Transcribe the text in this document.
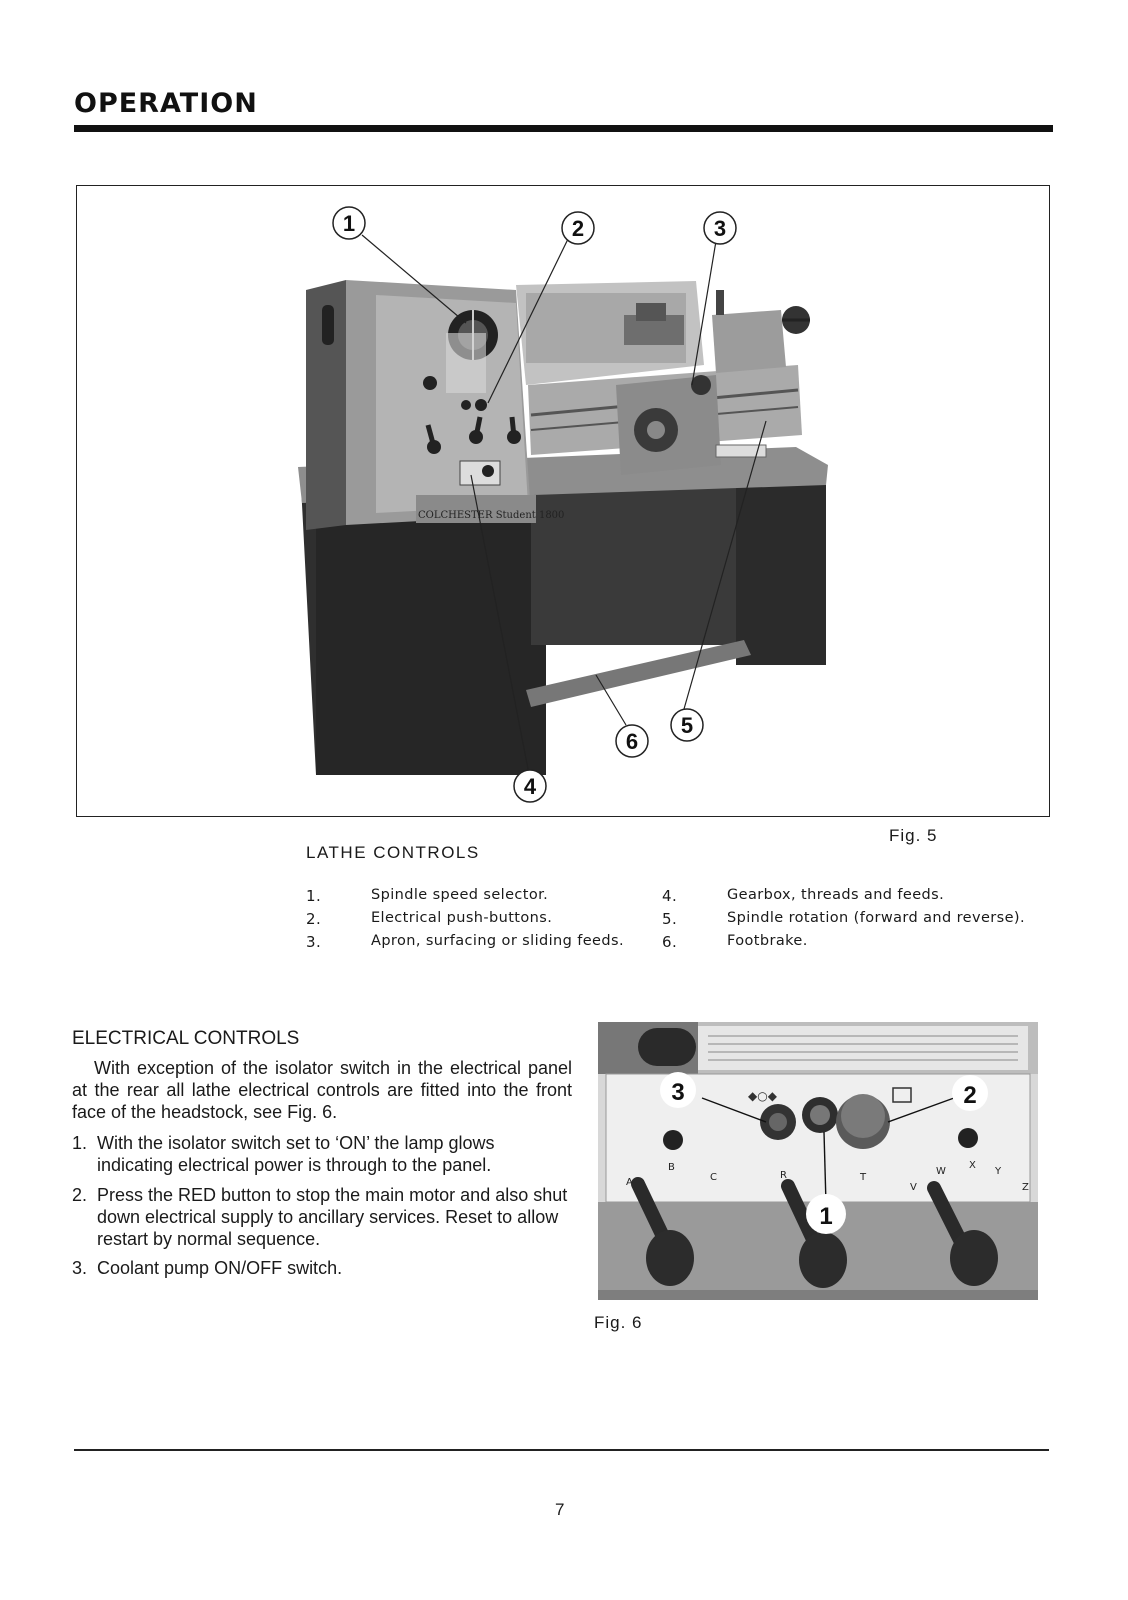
OPERATION
COLCHESTER Student 1800
1	2	3
4
5
6
Fig. 5
LATHE CONTROLS
1.	Spindle speed selector.
2.	Electrical push-buttons.
3.	Apron, surfacing or sliding feeds.
4.	Gearbox, threads and feeds.
5.	Spindle rotation (forward and reverse).
6.	Footbrake.
ELECTRICAL CONTROLS
With exception of the isolator switch in the electrical panel at the rear all lathe electrical controls are fitted into the front face of the headstock, see Fig. 6.
1. With the isolator switch set to ‘ON’ the lamp glows indicating electrical power is through to the panel.
2. Press the RED button to stop the main motor and also shut down electrical supply to ancillary services. Reset to allow restart by normal sequence.
3. Coolant pump ON/OFF switch.
◆○◆
A
B
C	R	T
V
W
X
Y
Z
3	2
1
Fig. 6
7
